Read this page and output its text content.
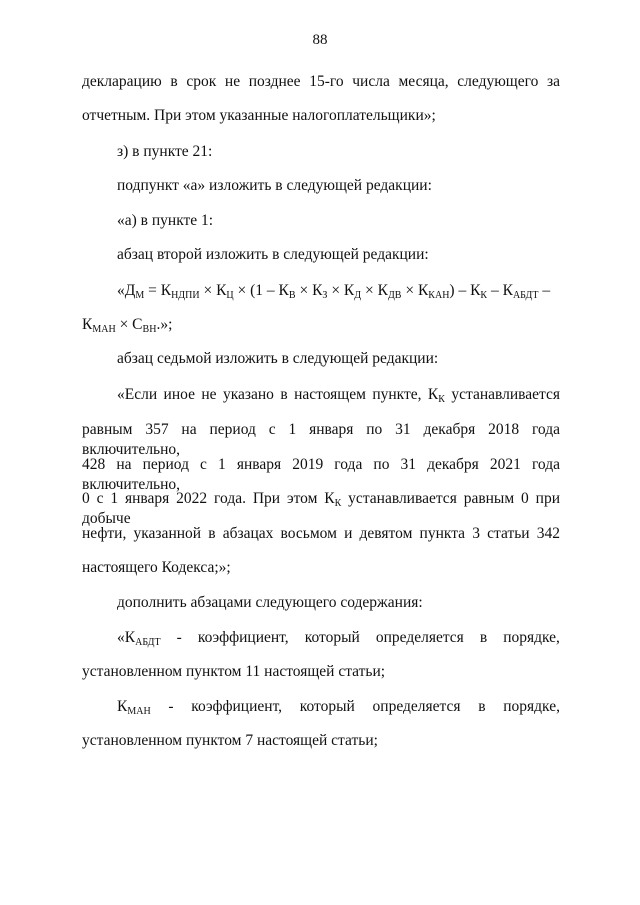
88
декларацию в срок не позднее 15-го числа месяца, следующего за
отчетным. При этом указанные налогоплательщики»;
з) в пункте 21:
подпункт «а» изложить в следующей редакции:
«а) в пункте 1:
абзац второй изложить в следующей редакции:
«$Д_М = К_{НДПИ} \times К_Ц \times (1 - К_В \times К_З \times К_Д \times К_{ДВ} \times К_{КАН}) - К_К - К_{АБДТ}$ –
$К_{МАН} \times С_{ВН}$.»;
абзац седьмой изложить в следующей редакции:
«Если иное не указано в настоящем пункте, $К_К$ устанавливается
равным 357 на период с 1 января по 31 декабря 2018 года включительно,
428 на период с 1 января 2019 года по 31 декабря 2021 года включительно,
0 с 1 января 2022 года. При этом $К_К$ устанавливается равным 0 при добыче
нефти, указанной в абзацах восьмом и девятом пункта 3 статьи 342
настоящего Кодекса;»;
дополнить абзацами следующего содержания:
«$К_{АБДТ}$ - коэффициент, который определяется в порядке,
установленном пунктом 11 настоящей статьи;
$К_{МАН}$ - коэффициент, который определяется в порядке,
установленном пунктом 7 настоящей статьи;
